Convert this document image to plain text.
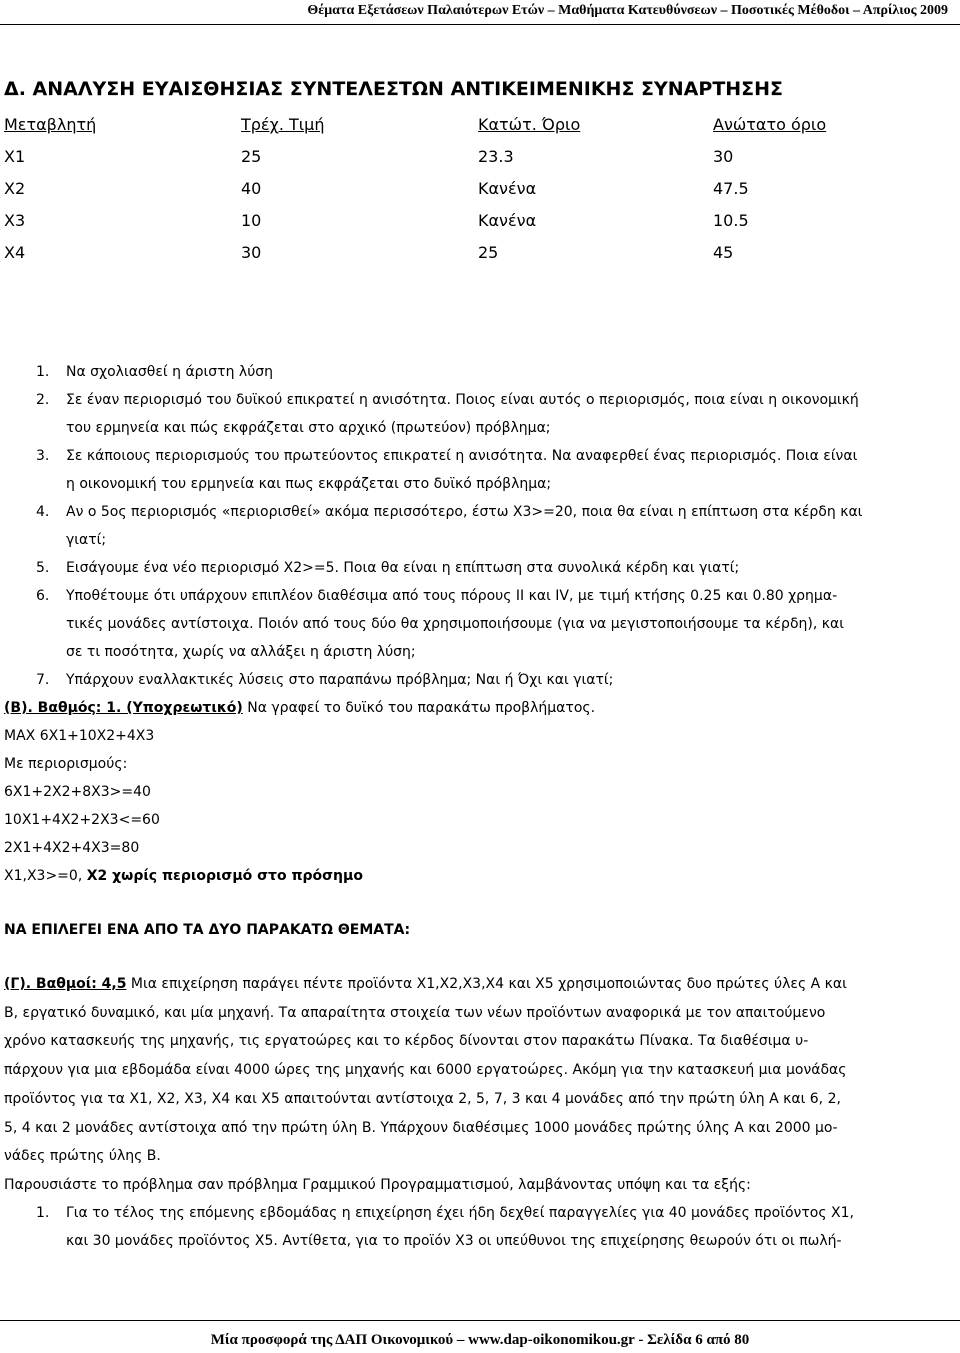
Θέματα Εξετάσεων Παλαιότερων Ετών – Μαθήματα Κατευθύνσεων – Ποσοτικές Μέθοδοι – Απρίλιος 2009
Δ. ΑΝΑΛΥΣΗ ΕΥΑΙΣΘΗΣΙΑΣ ΣΥΝΤΕΛΕΣΤΩΝ ΑΝΤΙΚΕΙΜΕΝΙΚΗΣ ΣΥΝΑΡΤΗΣΗΣ
Μεταβλητή	Τρέχ. Τιμή	Κατώτ. Όριο	Ανώτατο όριο
Χ1	25	23.3	30
Χ2	40	Κανένα	47.5
Χ3	10	Κανένα	10.5
Χ4	30	25	45
1. Να σχολιασθεί η άριστη λύση
2. Σε έναν περιορισμό του δυϊκού επικρατεί η ανισότητα. Ποιος είναι αυτός ο περιορισμός, ποια είναι η οικονομική
του ερμηνεία και πώς εκφράζεται στο αρχικό (πρωτεύον) πρόβλημα;
3. Σε κάποιους περιορισμούς του πρωτεύοντος επικρατεί η ανισότητα. Να αναφερθεί ένας περιορισμός. Ποια είναι
η οικονομική του ερμηνεία και πως εκφράζεται στο δυϊκό πρόβλημα;
4. Αν ο 5ος περιορισμός «περιορισθεί» ακόμα περισσότερο, έστω Χ3>=20, ποια θα είναι η επίπτωση στα κέρδη και
γιατί;
5. Εισάγουμε ένα νέο περιορισμό Χ2>=5. Ποια θα είναι η επίπτωση στα συνολικά κέρδη και γιατί;
6. Υποθέτουμε ότι υπάρχουν επιπλέον διαθέσιμα από τους πόρους ΙΙ και ΙV, με τιμή κτήσης 0.25 και 0.80 χρημα-
τικές μονάδες αντίστοιχα. Ποιόν από τους δύο θα χρησιμοποιήσουμε (για να μεγιστοποιήσουμε τα κέρδη), και
σε τι ποσότητα, χωρίς να αλλάξει η άριστη λύση;
7. Υπάρχουν εναλλακτικές λύσεις στο παραπάνω πρόβλημα; Ναι ή Όχι και γιατί;

(Β). Βαθμός: 1. (Υποχρεωτικό) Να γραφεί το δυϊκό του παρακάτω προβλήματος.

ΜΑΧ 6Χ1+10Χ2+4Χ3

Με περιορισμούς:

6Χ1+2Χ2+8Χ3>=40

10Χ1+4Χ2+2Χ3<=60

2Χ1+4Χ2+4Χ3=80

Χ1,Χ3>=0, Χ2 χωρίς περιορισμό στο πρόσημο

ΝΑ ΕΠΙΛΕΓΕΙ ΕΝΑ ΑΠΟ ΤΑ ΔΥΟ ΠΑΡΑΚΑΤΩ ΘΕΜΑΤΑ:

(Γ). Βαθμοί: 4,5 Μια επιχείρηση παράγει πέντε προϊόντα Χ1,Χ2,Χ3,Χ4 και Χ5 χρησιμοποιώντας δυο πρώτες ύλες Α και
Β, εργατικό δυναμικό, και μία μηχανή. Τα απαραίτητα στοιχεία των νέων προϊόντων αναφορικά με τον απαιτούμενο
χρόνο κατασκευής της μηχανής, τις εργατοώρες και το κέρδος δίνονται στον παρακάτω Πίνακα. Τα διαθέσιμα υ-
πάρχουν για μια εβδομάδα είναι 4000 ώρες της μηχανής και 6000 εργατοώρες. Ακόμη για την κατασκευή μια μονάδας
προϊόντος για τα Χ1, Χ2, Χ3, Χ4 και Χ5 απαιτούνται αντίστοιχα 2, 5, 7, 3 και 4 μονάδες από την πρώτη ύλη Α και 6, 2,
5, 4 και 2 μονάδες αντίστοιχα από την πρώτη ύλη Β. Υπάρχουν διαθέσιμες 1000 μονάδες πρώτης ύλης Α και 2000 μο-
νάδες πρώτης ύλης Β.

Παρουσιάστε το πρόβλημα σαν πρόβλημα Γραμμικού Προγραμματισμού, λαμβάνοντας υπόψη και τα εξής:

1. Για το τέλος της επόμενης εβδομάδας η επιχείρηση έχει ήδη δεχθεί παραγγελίες για 40 μονάδες προϊόντος Χ1,
και 30 μονάδες προϊόντος Χ5. Αντίθετα, για το προϊόν Χ3 οι υπεύθυνοι της επιχείρησης θεωρούν ότι οι πωλή-
Μία προσφορά της ΔΑΠ Οικονομικού – www.dap-oikonomikou.gr - Σελίδα 6 από 80
